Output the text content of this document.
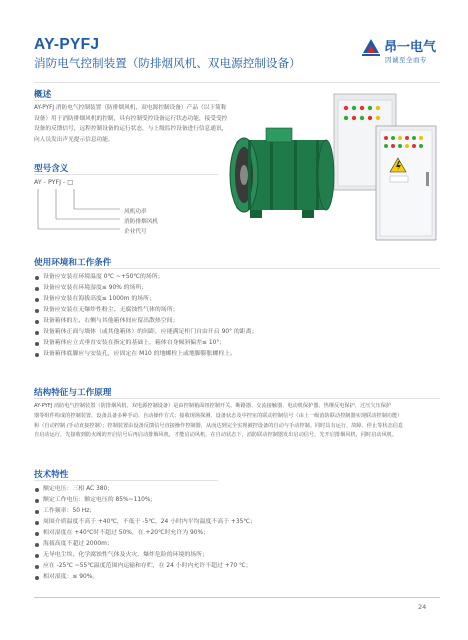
AY-PYFJ
消防电气控制装置（防排烟风机、双电源控制设备）
昂一电气
因诚至全而专
概述
AY-PYFJ 消防电气控制装置（防排烟风机、双电源控制设备）产品（以下简称
设备）用于消防排烟风机的控制，具有控制受控设备运行状态功能，接受受控
设备的反馈信号，远程控制设备的运行状态，与上级监控设备进行信息通讯，
向人员发出声光提示信息功能。
型号含义
AY - PYFJ - □
风机功率
消防排烟风机
企业代号
使用环境和工作条件
设备应安装在环境温度 0℃ ~+50℃的场所；
设备应安装在环境湿度≤ 90% 的场所；
设备应安装在海拔高度≤ 1000m 的场所；
设备应安装在无爆炸性粉尘、无腐蚀性气体的场所；
设备箱体的左、右侧与其他箱体间应留出散热空间；
设备箱体正面与墙体（或其他箱体）的间距，应能满足柜门自由开启 90° 的距离；
设备箱体应立式垂直安装在指定的基础上，箱体自身倾斜偏差≤ 10°；
设备箱体底脚应与安装孔，应固定在 M10 的地螺栓上或地脚膨胀螺栓上。
结构特征与工作原理
AY-PYFJ 消防电气控制装置（防排烟风机、双电源控制设备）是由控制箱面钮控制开关、断路器、交流接触器、电动机保护器、热继反电保护、过压欠压保护
器等组件构成的控制装置，设备具备多种手动、自动操作方式；接收现场探测、设备状态及中控室的联动控制信号（由上一级消防联动控制器实现联动控制功能）
和（自动控制 /手动直接控制）；控制装置由设备反馈信号直接操作控制器，从而达到完全实现被控设备的自动与手动控制。同时具有运行、故障、停止等状态信息
自启动运行，先接收到防火阀的开启信号后再启动排烟风机，才能启动风机，在自动状态下，消防联动控制器发出启动信号，先开启排烟风机，同时启动风机。
技术特性
额定电压：三相 AC 380；
额定工作电压：额定电压的 85%~110%；
工作频率：50 Hz；
周围介质温度不高于 +40℃，不低于 -5℃，24 小时内平均温度不高于 +35℃；
相对湿度在 +40℃时不超过 50%，在 +20℃时允许为 90%；
海拔高度不超过 2000m；
无导电尘埃、化学腐蚀性气体及火灾、爆炸危险的环境的场所；
应在 -25℃ ~55℃温度范围内运输和存贮，在 24 小时内允许不超过 +70 ℃；
相对湿度：≤ 90%。
24
